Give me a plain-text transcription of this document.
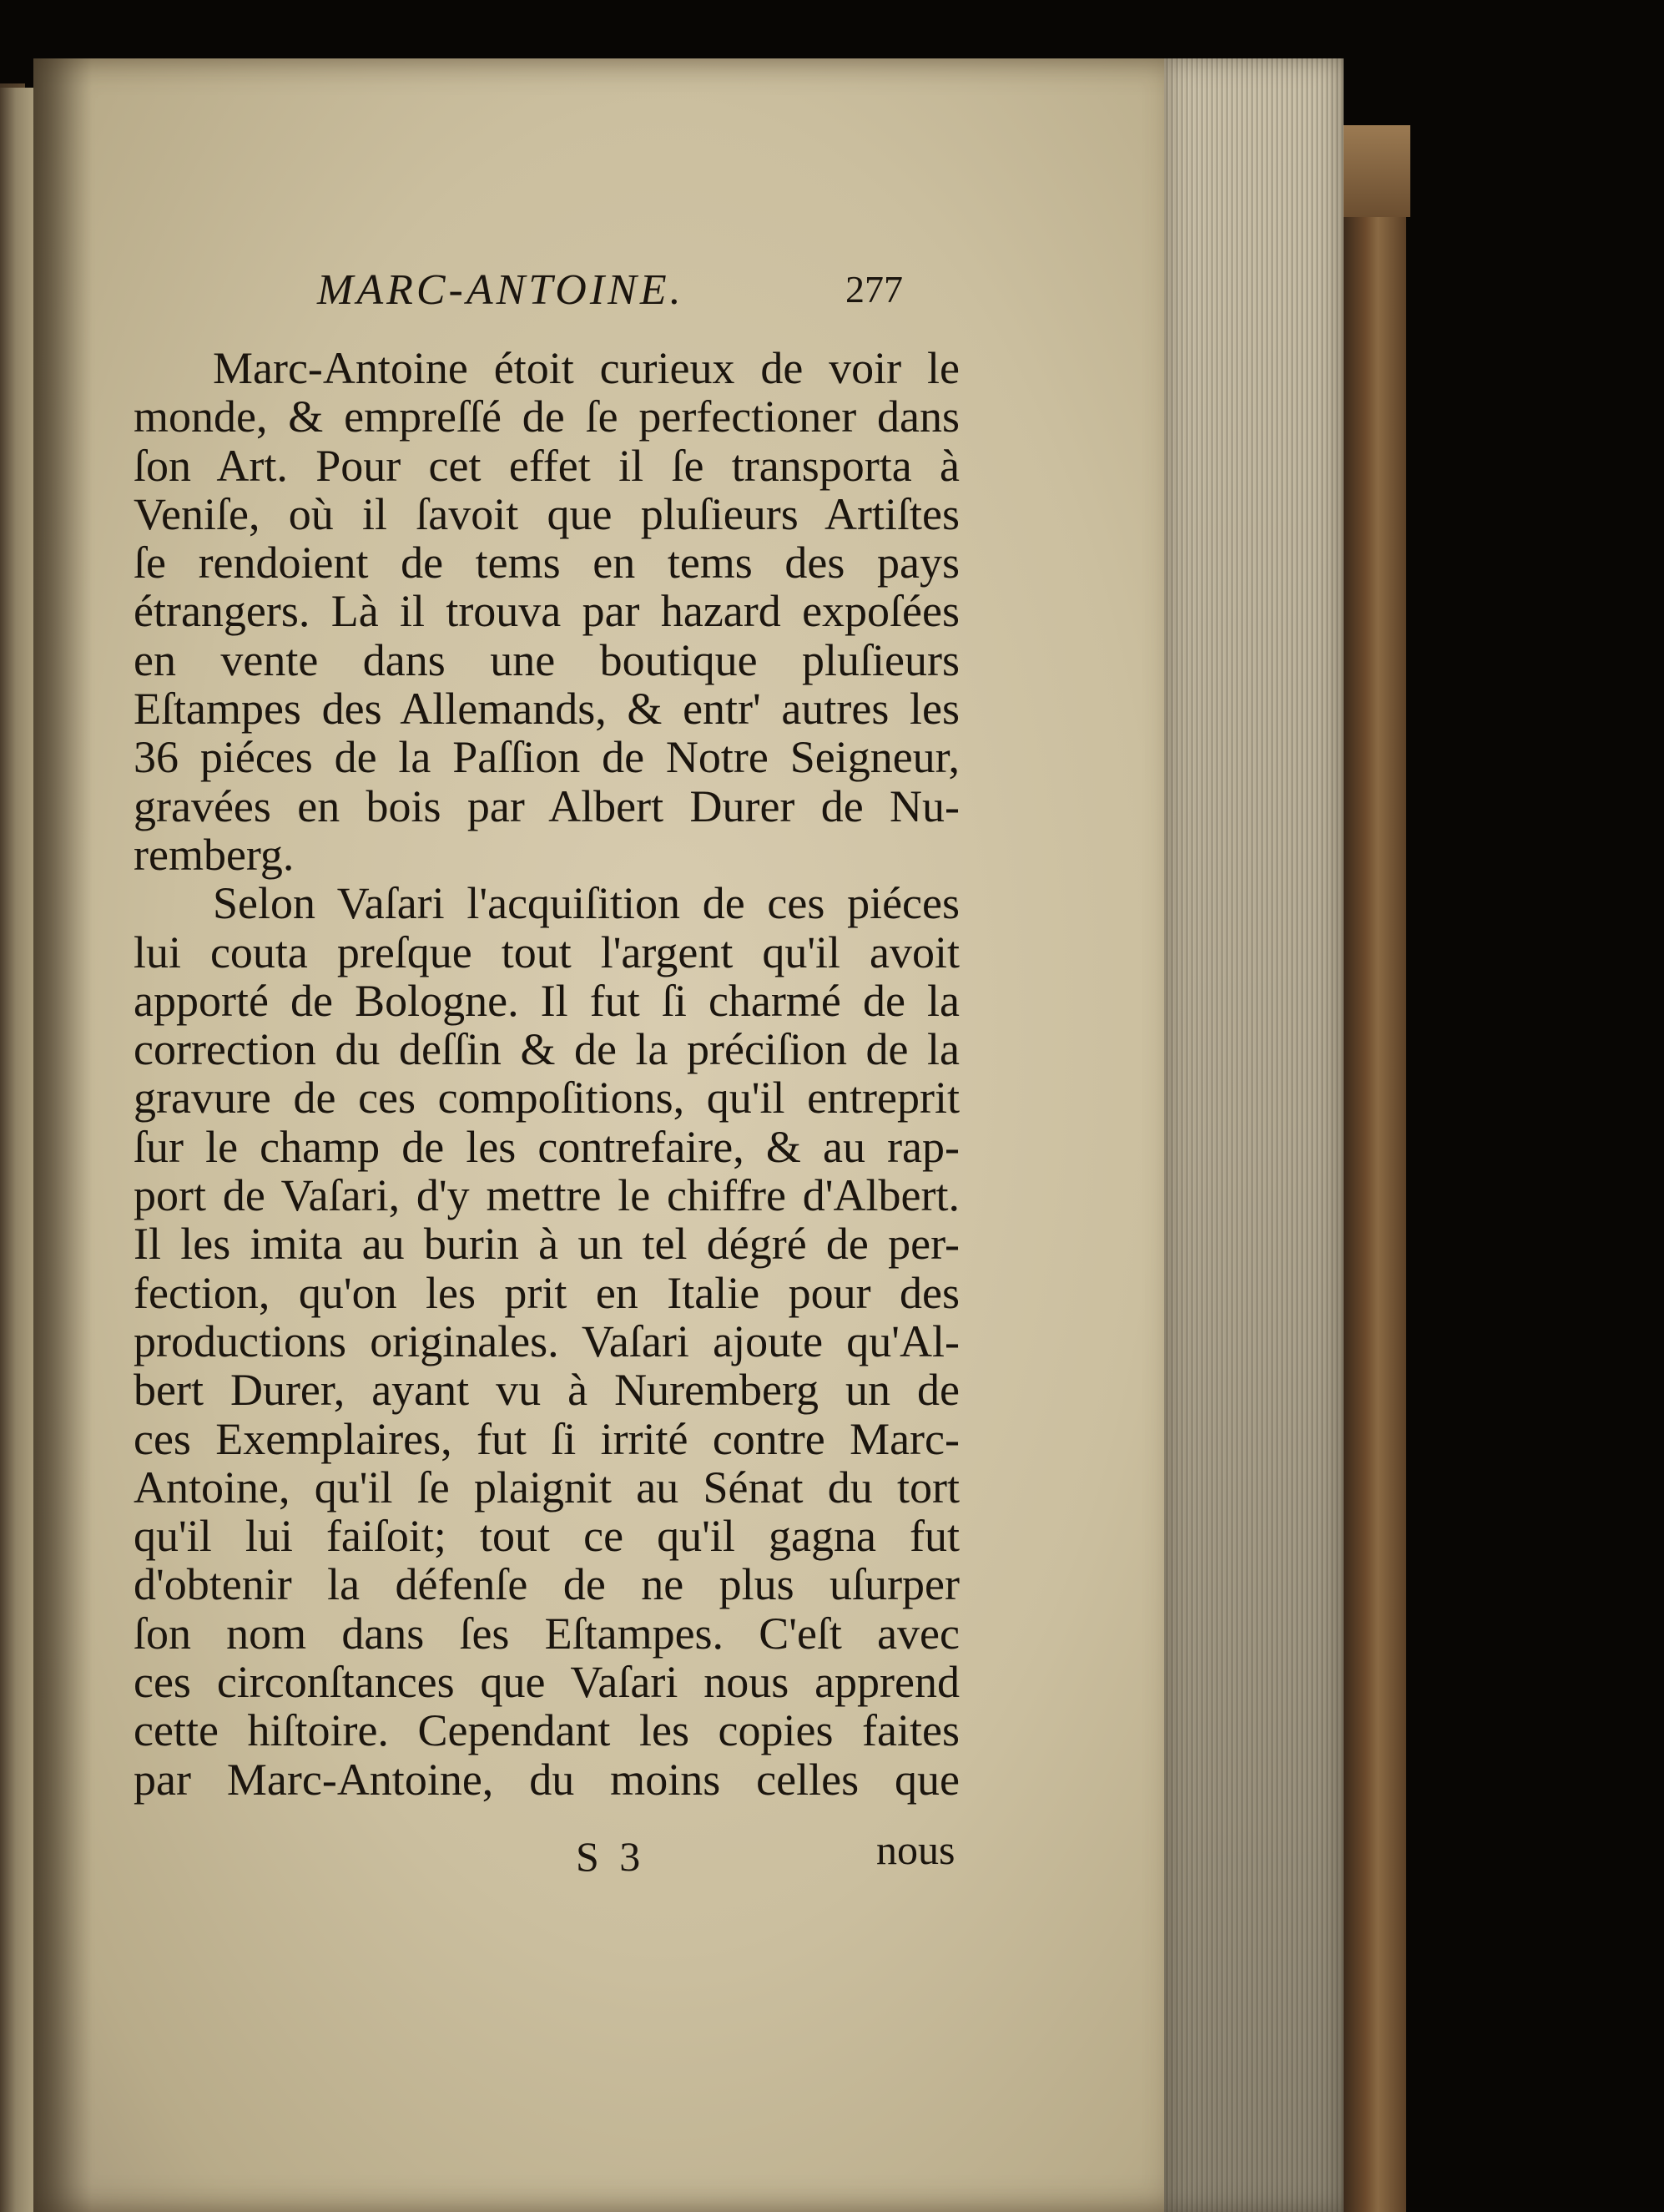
MARC-ANTOINE.	277
Marc-Antoine étoit curieux de voir le
monde, & empreſſé de ſe perfectioner dans
ſon Art. Pour cet effet il ſe transporta à
Veniſe, où il ſavoit que pluſieurs Artiſtes
ſe rendoient de tems en tems des pays
étrangers. Là il trouva par hazard expoſées
en vente dans une boutique pluſieurs
Eſtampes des Allemands, & entr' autres les
36 piéces de la Paſſion de Notre Seigneur,
gravées en bois par Albert Durer de Nu-
remberg.
Selon Vaſari l'acquiſition de ces piéces
lui couta preſque tout l'argent qu'il avoit
apporté de Bologne. Il fut ſi charmé de la
correction du deſſin & de la préciſion de la
gravure de ces compoſitions, qu'il entreprit
ſur le champ de les contrefaire, & au rap-
port de Vaſari, d'y mettre le chiffre d'Albert.
Il les imita au burin à un tel dégré de per-
fection, qu'on les prit en Italie pour des
productions originales. Vaſari ajoute qu'Al-
bert Durer, ayant vu à Nuremberg un de
ces Exemplaires, fut ſi irrité contre Marc-
Antoine, qu'il ſe plaignit au Sénat du tort
qu'il lui faiſoit; tout ce qu'il gagna fut
d'obtenir la défenſe de ne plus uſurper
ſon nom dans ſes Eſtampes. C'eſt avec
ces circonſtances que Vaſari nous apprend
cette hiſtoire. Cependant les copies faites
par Marc-Antoine, du moins celles que
S 3	nous
